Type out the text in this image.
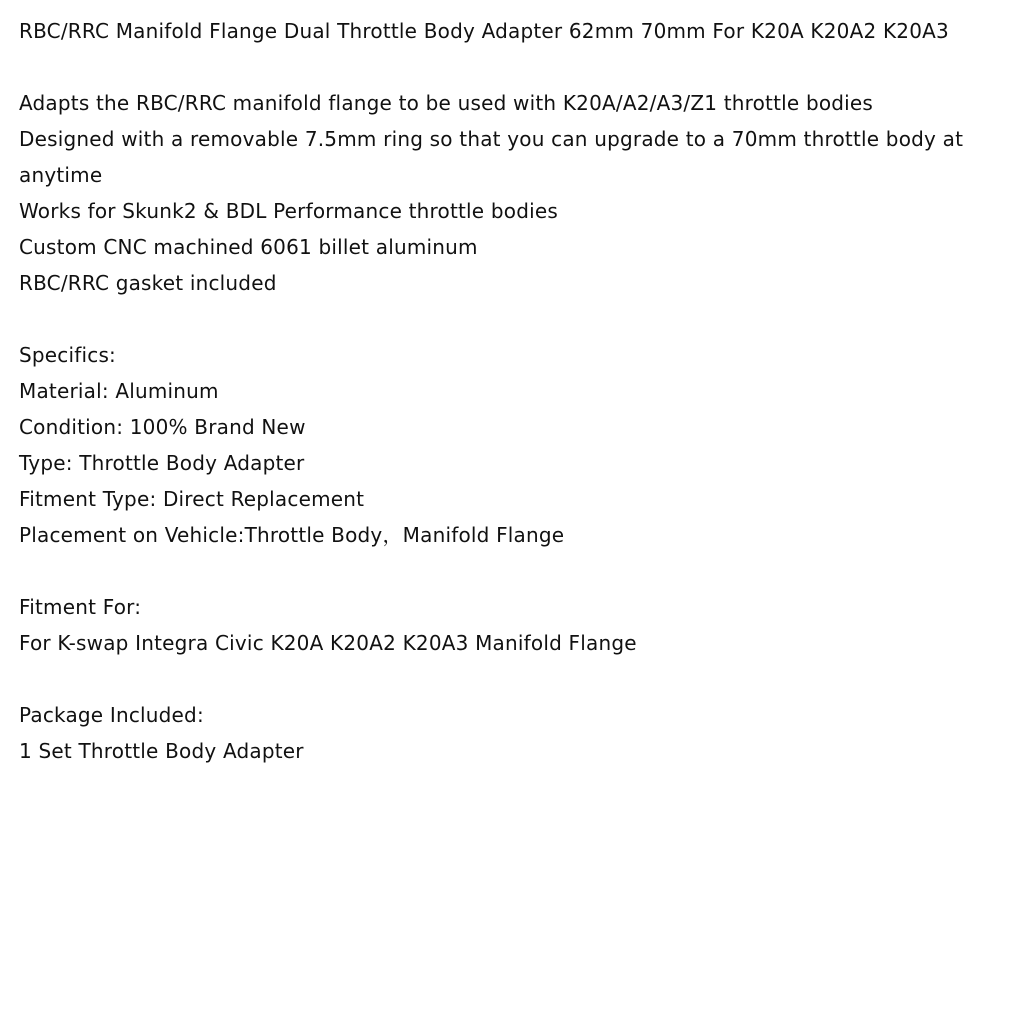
RBC/RRC Manifold Flange Dual Throttle Body Adapter 62mm 70mm For K20A K20A2 K20A3

Adapts the RBC/RRC manifold flange to be used with K20A/A2/A3/Z1 throttle bodies

Designed with a removable 7.5mm ring so that you can upgrade to a 70mm throttle body at anytime

Works for Skunk2 & BDL Performance throttle bodies

Custom CNC machined 6061 billet aluminum

RBC/RRC gasket included

Specifics:

Material: Aluminum

Condition: 100% Brand New

Type: Throttle Body Adapter

Fitment Type: Direct Replacement

Placement on Vehicle:Throttle Body，Manifold Flange

Fitment For:

For K-swap Integra Civic K20A K20A2 K20A3 Manifold Flange

Package Included:

1 Set Throttle Body Adapter
